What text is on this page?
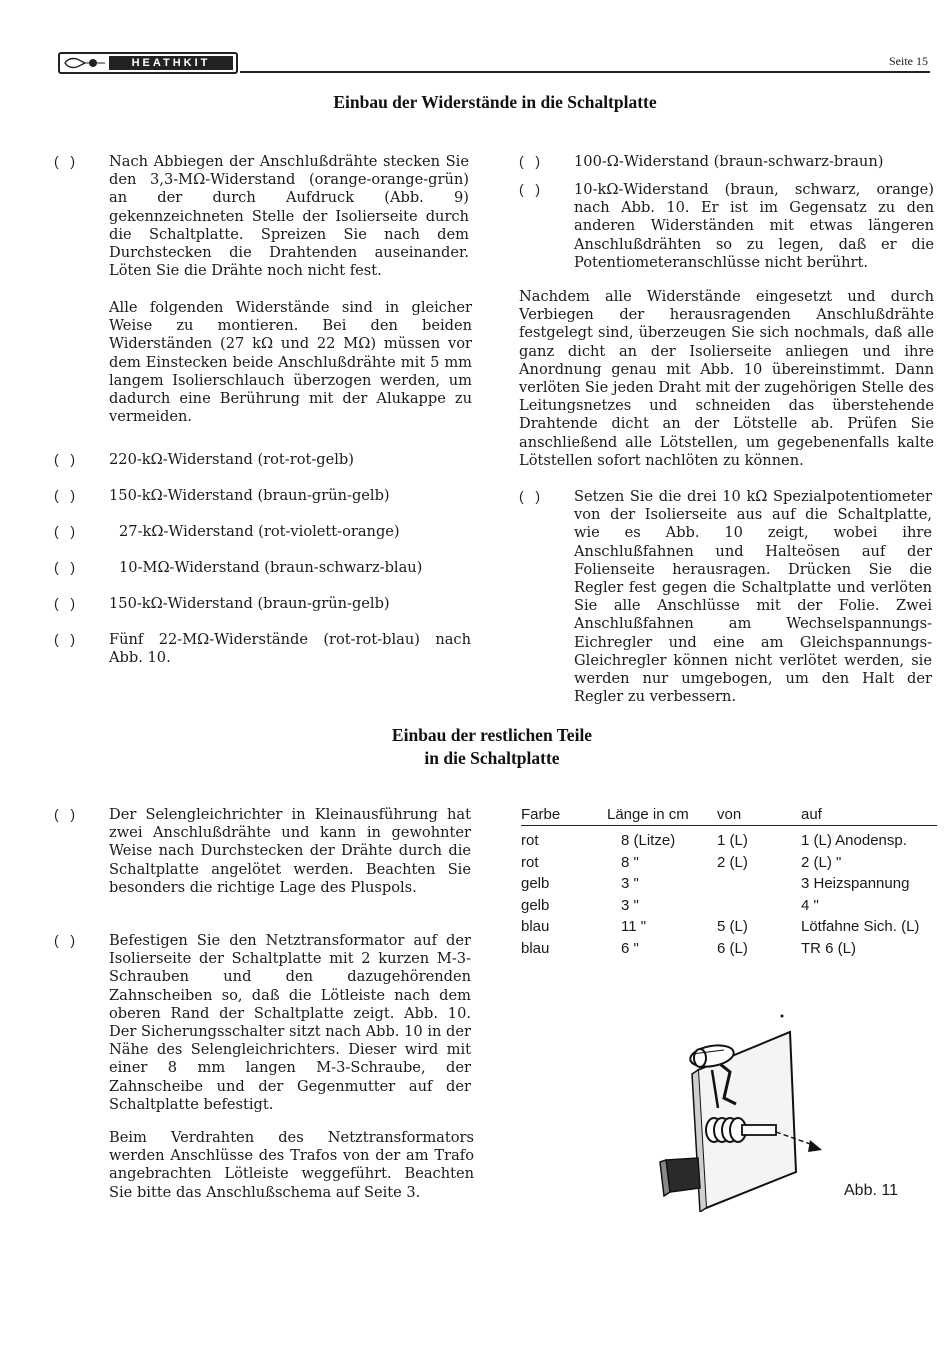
HEATHKIT	Seite 15
Einbau der Widerstände in die Schaltplatte
(   )	Nach Abbiegen der Anschlußdrähte stecken Sie den 3,3-MΩ-Widerstand (orange-orange-grün) an der durch Aufdruck (Abb. 9) gekennzeichneten Stelle der Isolierseite durch die Schaltplatte. Spreizen Sie nach dem Durchstecken die Drahtenden auseinander. Löten Sie die Drähte noch nicht fest.

Alle folgenden Widerstände sind in gleicher Weise zu montieren. Bei den beiden Widerständen (27 kΩ und 22 MΩ) müssen vor dem Einstecken beide Anschlußdrähte mit 5 mm langem Isolierschlauch überzogen werden, um dadurch eine Berührung mit der Alukappe zu vermeiden.

(   )	220-kΩ-Widerstand (rot-rot-gelb)
(   )	150-kΩ-Widerstand (braun-grün-gelb)
(   )	27-kΩ-Widerstand (rot-violett-orange)
(   )	10-MΩ-Widerstand (braun-schwarz-blau)
(   )	150-kΩ-Widerstand (braun-grün-gelb)
(   )	Fünf 22-MΩ-Widerstände (rot-rot-blau) nach Abb. 10.
(   )	100-Ω-Widerstand (braun-schwarz-braun)
(   )	10-kΩ-Widerstand (braun, schwarz, orange) nach Abb. 10. Er ist im Gegensatz zu den anderen Widerständen mit etwas längeren Anschlußdrähten so zu legen, daß er die Potentiometeranschlüsse nicht berührt.

Nachdem alle Widerstände eingesetzt und durch Verbiegen der herausragenden Anschlußdrähte festgelegt sind, überzeugen Sie sich nochmals, daß alle ganz dicht an der Isolierseite anliegen und ihre Anordnung genau mit Abb. 10 übereinstimmt. Dann verlöten Sie jeden Draht mit der zugehörigen Stelle des Leitungsnetzes und schneiden das überstehende Drahtende dicht an der Lötstelle ab. Prüfen Sie anschließend alle Lötstellen, um gegebenenfalls kalte Lötstellen sofort nachlöten zu können.

(   )	Setzen Sie die drei 10 kΩ Spezialpotentiometer von der Isolierseite aus auf die Schaltplatte, wie es Abb. 10 zeigt, wobei ihre Anschlußfahnen und Halteösen auf der Folienseite herausragen. Drücken Sie die Regler fest gegen die Schaltplatte und verlöten Sie alle Anschlüsse mit der Folie. Zwei Anschlußfahnen am Wechselspannungs-Eichregler und eine am Gleichspannungs-Gleichregler können nicht verlötet werden, sie werden nur umgebogen, um den Halt der Regler zu verbessern.
Einbau der restlichen Teile
in die Schaltplatte
(   )	Der Selengleichrichter in Kleinausführung hat zwei Anschlußdrähte und kann in gewohnter Weise nach Durchstecken der Drähte durch die Schaltplatte angelötet werden. Beachten Sie besonders die richtige Lage des Pluspols.
(   )	Befestigen Sie den Netztransformator auf der Isolierseite der Schaltplatte mit 2 kurzen M-3-Schrauben und den dazugehörenden Zahnscheiben so, daß die Lötleiste nach dem oberen Rand der Schaltplatte zeigt. Abb. 10. Der Sicherungsschalter sitzt nach Abb. 10 in der Nähe des Selengleichrichters. Dieser wird mit einer 8 mm langen M-3-Schraube, der Zahnscheibe und der Gegenmutter auf der Schaltplatte befestigt.

Beim Verdrahten des Netztransformators werden Anschlüsse des Trafos von der am Trafo angebrachten Lötleiste weggeführt. Beachten Sie bitte das Anschlußschema auf Seite 3.

Farbe	Länge in cm	von	auf

rot	8 (Litze)	1 (L)	1 (L) Anodensp.
rot	8 "	2 (L)	2 (L) "
gelb	3 "		3 Heizspannung
gelb	3 "		4 "
blau	11 "	5 (L)	Lötfahne Sich. (L)
blau	6 "	6 (L)	TR 6 (L)
Abb. 11
